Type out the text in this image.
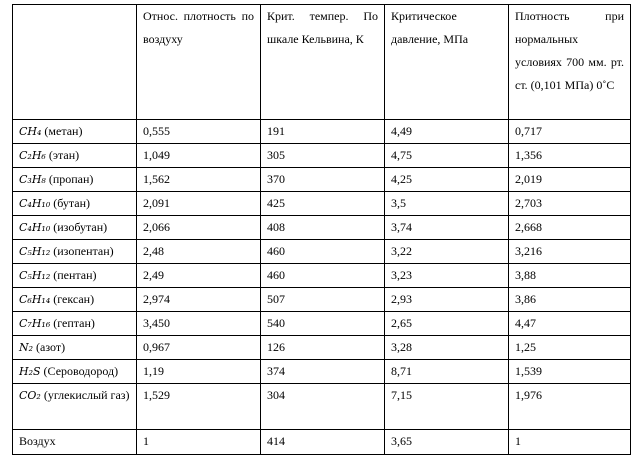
	Относ. плотность по воздуху	Крит. темпер. По шкале Кельвина, К	Критическое давление, МПа	Плотность при нормальных условиях 700 мм. рт. ст. (0,101 МПа) 0˚С
CH₄ (метан)	0,555	191	4,49	0,717
C₂H₆ (этан)	1,049	305	4,75	1,356
C₃H₈ (пропан)	1,562	370	4,25	2,019
C₄H₁₀ (бутан)	2,091	425	3,5	2,703
C₄H₁₀ (изобутан)	2,066	408	3,74	2,668
C₅H₁₂ (изопентан)	2,48	460	3,22	3,216
C₅H₁₂ (пентан)	2,49	460	3,23	3,88
C₆H₁₄ (гексан)	2,974	507	2,93	3,86
C₇H₁₆ (гептан)	3,450	540	2,65	4,47
N₂ (азот)	0,967	126	3,28	1,25
H₂S (Сероводород)	1,19	374	8,71	1,539
CO₂ (углекислый газ)	1,529	304	7,15	1,976
Воздух	1	414	3,65	1
